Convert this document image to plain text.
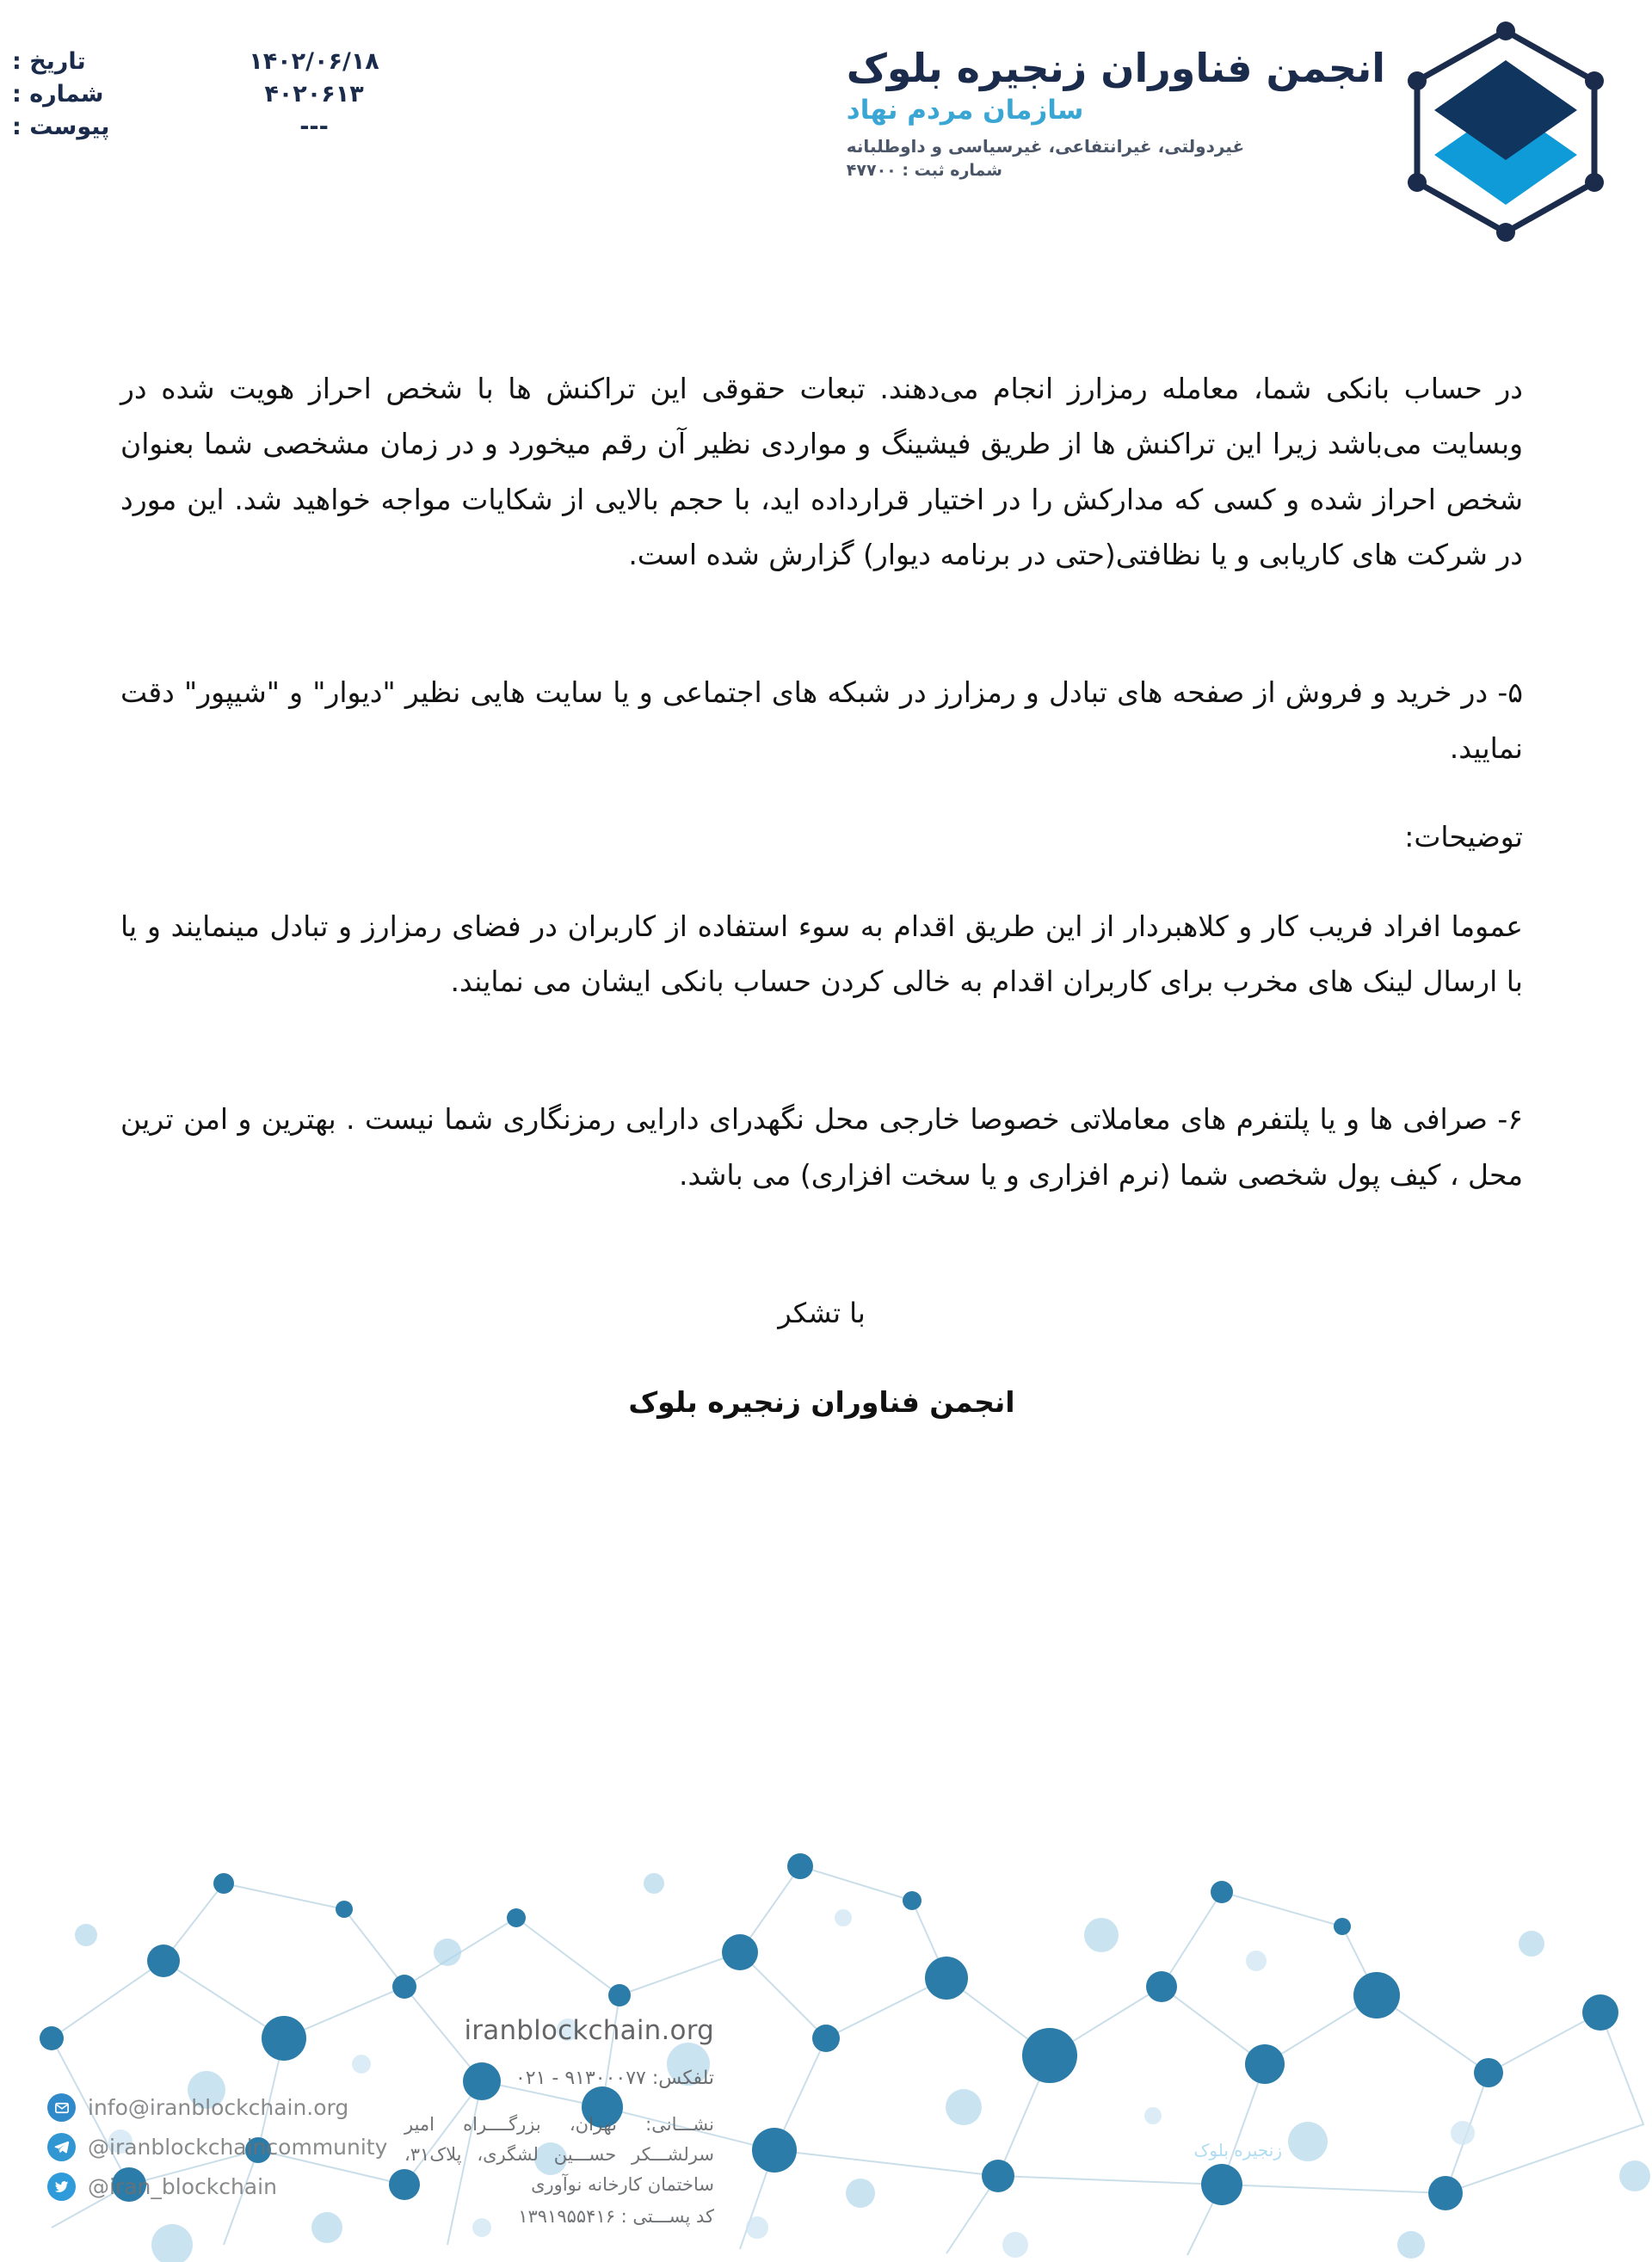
انجمن فناوران زنجیره بلوک
سازمان مردم نهاد
غیردولتی، غیرانتفاعی، غیرسیاسی و داوطلبانه
شماره ثبت : ۴۷۷۰۰
۱۴۰۲/۰۶/۱۸
تاریخ :
۴۰۲۰۶۱۳
شماره :
---
پیوست :

در حساب بانکی شما، معامله رمزارز انجام می‌دهند. تبعات حقوقی این تراکنش ها با شخص احراز هویت شده در وبسایت می‌باشد زیرا این تراکنش ها از طریق فیشینگ و مواردی نظیر آن رقم میخورد و در زمان مشخصی شما بعنوان شخص احراز شده و کسی که مدارکش را در اختیار قرارداده اید، با حجم بالایی از شکایات مواجه خواهید شد. این مورد در شرکت های کاریابی و یا نظافتی(حتی در برنامه دیوار) گزارش شده است.

۵- در خرید و فروش از صفحه های تبادل و رمزارز در شبکه های اجتماعی و یا سایت هایی نظیر "دیوار" و "شیپور" دقت نمایید.

توضیحات:

عموما افراد فریب کار و کلاهبردار از این طریق اقدام به سوء استفاده از کاربران در فضای رمزارز و تبادل مینمایند و یا با ارسال لینک های مخرب برای کاربران اقدام به خالی کردن حساب بانکی ایشان می نمایند.

۶- صرافی ها و یا پلتفرم های معاملاتی خصوصا خارجی محل نگهدرای دارایی رمزنگاری شما نیست . بهترین و امن ترین محل ، کیف پول شخصی شما (نرم افزاری و یا سخت افزاری) می باشد.

با تشکر

انجمن فناوران زنجیره بلوک

زنجیره بلوک
iranblockchain.org
تلفکس: ۹۱۳۰۰۰۷۷ - ۰۲۱
نشـــانی: تهران، بزرگــــراه امیر سرلشـــکر حســـین لشگری، پلاک۳۱، ساختمان کارخانه نوآوری
کد پســـتی : ۱۳۹۱۹۵۵۴۱۶
info@iranblockchain.org
@iranblockchaincommunity
@iran_blockchain
